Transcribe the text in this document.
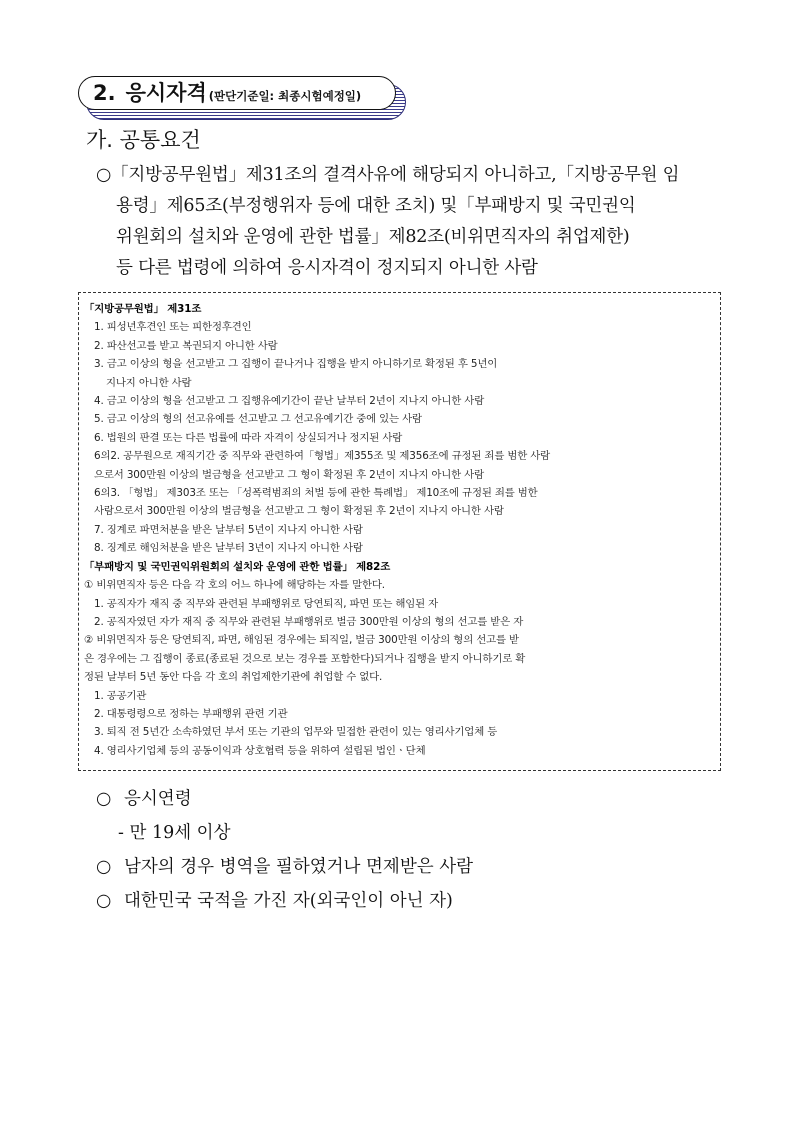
2. 응시자격 (판단기준일: 최종시험예정일)
가. 공통요건
○「지방공무원법」제31조의 결격사유에 해당되지 아니하고,「지방공무원 임
용령」제65조(부정행위자 등에 대한 조치) 및「부패방지 및 국민권익
위원회의 설치와 운영에 관한 법률」제82조(비위면직자의 취업제한)
등 다른 법령에 의하여 응시자격이 정지되지 아니한 사람
「지방공무원법」 제31조
1. 피성년후견인 또는 피한정후견인
2. 파산선고를 받고 복권되지 아니한 사람
3. 금고 이상의 형을 선고받고 그 집행이 끝나거나 집행을 받지 아니하기로 확정된 후 5년이
지나지 아니한 사람
4. 금고 이상의 형을 선고받고 그 집행유예기간이 끝난 날부터 2년이 지나지 아니한 사람
5. 금고 이상의 형의 선고유예를 선고받고 그 선고유예기간 중에 있는 사람
6. 법원의 판결 또는 다른 법률에 따라 자격이 상실되거나 정지된 사람
6의2. 공무원으로 재직기간 중 직무와 관련하여「형법」제355조 및 제356조에 규정된 죄를 범한 사람
으로서 300만원 이상의 벌금형을 선고받고 그 형이 확정된 후 2년이 지나지 아니한 사람
6의3. 「형법」 제303조 또는 「성폭력범죄의 처벌 등에 관한 특례법」 제10조에 규정된 죄를 범한
사람으로서 300만원 이상의 벌금형을 선고받고 그 형이 확정된 후 2년이 지나지 아니한 사람
7. 징계로 파면처분을 받은 날부터 5년이 지나지 아니한 사람
8. 징계로 해임처분을 받은 날부터 3년이 지나지 아니한 사람
「부패방지 및 국민권익위원회의 설치와 운영에 관한 법률」 제82조
① 비위면직자 등은 다음 각 호의 어느 하나에 해당하는 자를 말한다.
1. 공직자가 재직 중 직무와 관련된 부패행위로 당연퇴직, 파면 또는 해임된 자
2. 공직자였던 자가 재직 중 직무와 관련된 부패행위로 벌금 300만원 이상의 형의 선고를 받은 자
② 비위면직자 등은 당연퇴직, 파면, 해임된 경우에는 퇴직일, 벌금 300만원 이상의 형의 선고를 받
은 경우에는 그 집행이 종료(종료된 것으로 보는 경우를 포함한다)되거나 집행을 받지 아니하기로 확
정된 날부터 5년 동안 다음 각 호의 취업제한기관에 취업할 수 없다.
1. 공공기관
2. 대통령령으로 정하는 부패행위 관련 기관
3. 퇴직 전 5년간 소속하였던 부서 또는 기관의 업무와 밀접한 관련이 있는 영리사기업체 등
4. 영리사기업체 등의 공동이익과 상호협력 등을 위하여 설립된 법인ㆍ단체
○ 응시연령
- 만 19세 이상
○ 남자의 경우 병역을 필하였거나 면제받은 사람
○ 대한민국 국적을 가진 자(외국인이 아닌 자)
